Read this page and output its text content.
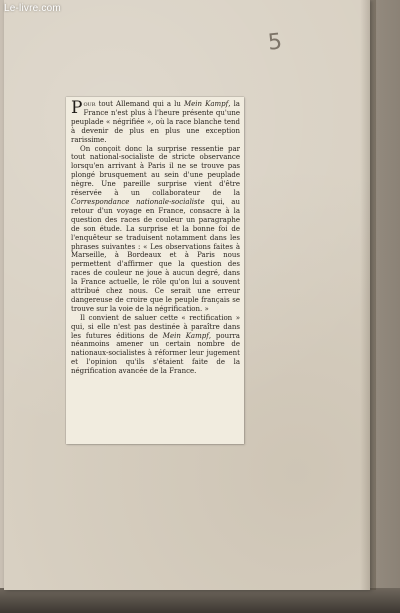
Le-livre.com
5

Pour tout Allemand qui a lu Mein Kampf, la France n'est plus à l'heure présente qu'une peuplade « négrifiée », où la race blanche tend à devenir de plus en plus une exception rarissime.

On conçoit donc la surprise ressentie par tout national-socialiste de stricte observance lorsqu'en arrivant à Paris il ne se trouve pas plongé brusquement au sein d'une peuplade nègre. Une pareille surprise vient d'être réservée à un collaborateur de la Correspondance nationale-socialiste qui, au retour d'un voyage en France, consacre à la question des races de couleur un paragraphe de son étude. La surprise et la bonne foi de l'enquêteur se traduisent notamment dans les phrases suivantes : « Les observations faites à Marseille, à Bordeaux et à Paris nous permettent d'affirmer que la question des races de couleur ne joue à aucun degré, dans la France actuelle, le rôle qu'on lui a souvent attribué chez nous. Ce serait une erreur dangereuse de croire que le peuple français se trouve sur la voie de la négrification. »

Il convient de saluer cette « rectification » qui, si elle n'est pas destinée à paraître dans les futures éditions de Mein Kampf, pourra néanmoins amener un certain nombre de nationaux-socialistes à réformer leur jugement et l'opinion qu'ils s'étaient faite de la négrification avancée de la France.
